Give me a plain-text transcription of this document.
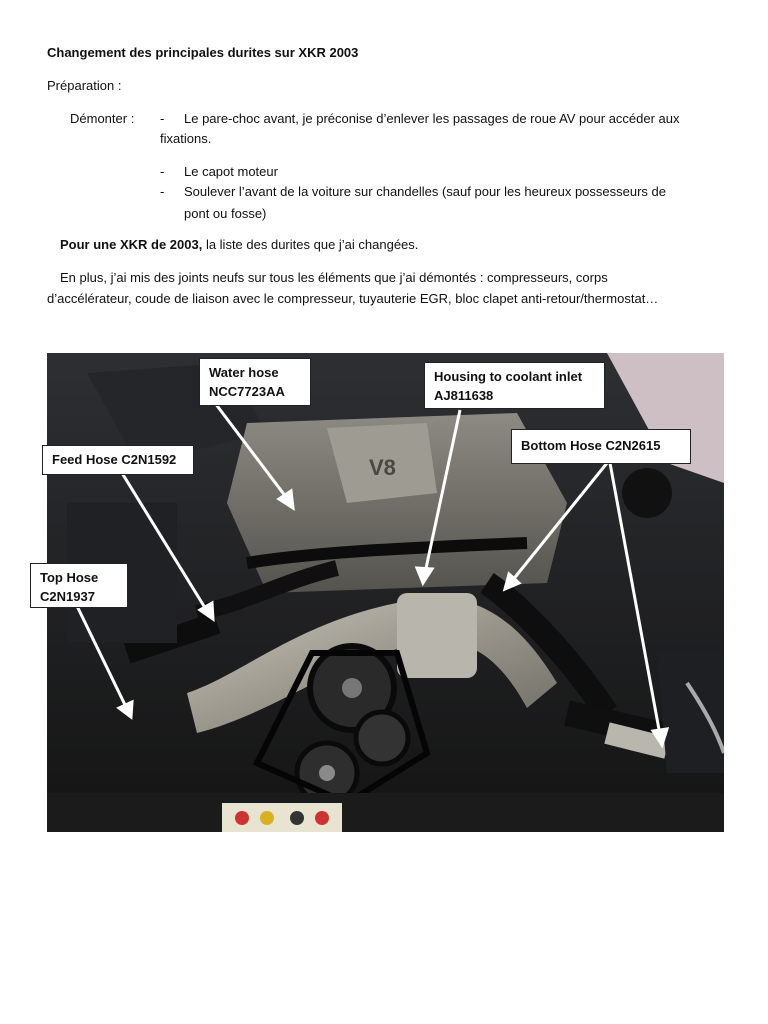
Changement des principales durites sur XKR 2003
Préparation :
Démonter : - Le pare-choc avant, je préconise d’enlever les passages de roue AV pour accéder aux
fixations.
- Le capot moteur
- Soulever l’avant de la voiture sur chandelles (sauf pour les heureux possesseurs de
pont ou fosse)
Pour une XKR de 2003, la liste des durites que j’ai changées.
En plus, j’ai mis des joints neufs sur tous les éléments que j’ai démontés : compresseurs, corps
d’accélérateur, coude de liaison avec le compresseur, tuyauterie EGR, bloc clapet anti-retour/thermostat…
V8
Water hose
NCC7723AA
Housing to coolant inlet
AJ811638
Bottom Hose C2N2615
Feed Hose C2N1592
Top Hose
C2N1937
